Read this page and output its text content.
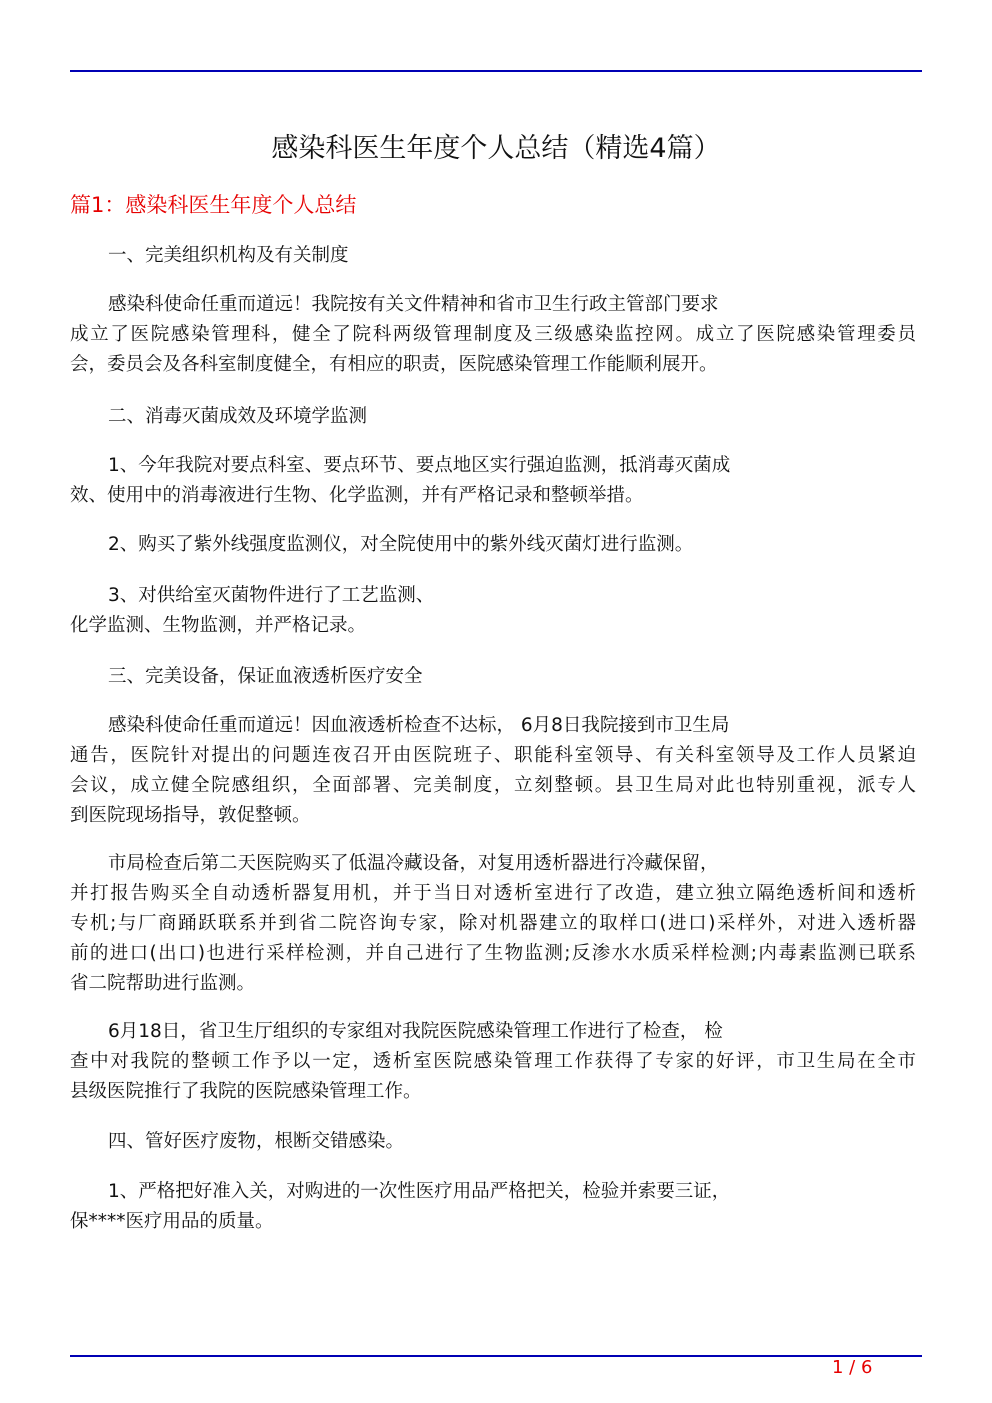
感染科医生年度个人总结（精选4篇）
篇1：感染科医生年度个人总结
一、完美组织机构及有关制度
感染科使命任重而道远！我院按有关文件精神和省市卫生行政主管部门要求
成立了医院感染管理科，健全了院科两级管理制度及三级感染监控网。成立了医院感染管理委员
会，委员会及各科室制度健全，有相应的职责，医院感染管理工作能顺利展开。
二、消毒灭菌成效及环境学监测
1、今年我院对要点科室、要点环节、要点地区实行强迫监测，抵消毒灭菌成
效、使用中的消毒液进行生物、化学监测，并有严格记录和整顿举措。
2、购买了紫外线强度监测仪，对全院使用中的紫外线灭菌灯进行监测。
3、对供给室灭菌物件进行了工艺监测、
化学监测、生物监测，并严格记录。
三、完美设备，保证血液透析医疗安全
感染科使命任重而道远！因血液透析检查不达标， 6月8日我院接到市卫生局
通告，医院针对提出的问题连夜召开由医院班子、职能科室领导、有关科室领导及工作人员紧迫
会议，成立健全院感组织，全面部署、完美制度，立刻整顿。县卫生局对此也特别重视，派专人
到医院现场指导，敦促整顿。
市局检查后第二天医院购买了低温冷藏设备，对复用透析器进行冷藏保留，
并打报告购买全自动透析器复用机，并于当日对透析室进行了改造，建立独立隔绝透析间和透析
专机;与厂商踊跃联系并到省二院咨询专家，除对机器建立的取样口(进口)采样外，对进入透析器
前的进口(出口)也进行采样检测，并自己进行了生物监测;反渗水水质采样检测;内毒素监测已联系
省二院帮助进行监测。
6月18日，省卫生厅组织的专家组对我院医院感染管理工作进行了检查， 检
查中对我院的整顿工作予以一定，透析室医院感染管理工作获得了专家的好评，市卫生局在全市
县级医院推行了我院的医院感染管理工作。
四、管好医疗废物，根断交错感染。
1、严格把好准入关，对购进的一次性医疗用品严格把关，检验并索要三证，
保****医疗用品的质量。
1 / 6
